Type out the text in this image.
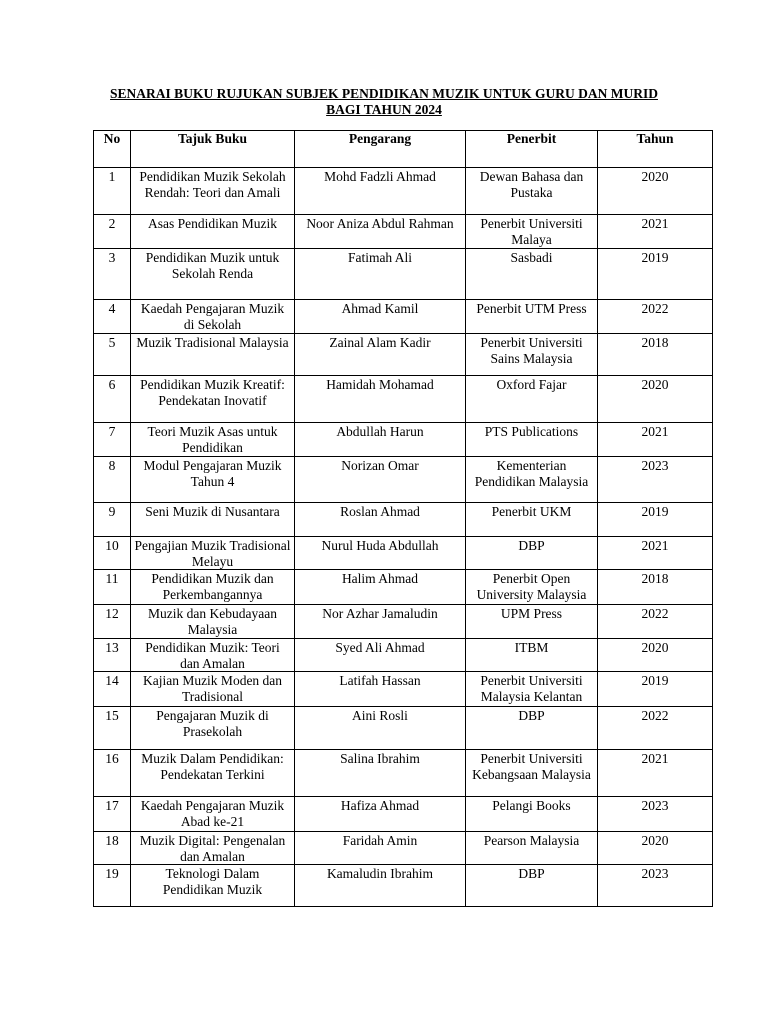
SENARAI BUKU RUJUKAN SUBJEK PENDIDIKAN MUZIK UNTUK GURU DAN MURID
BAGI TAHUN 2024
No	Tajuk Buku	Pengarang	Penerbit	Tahun
1	Pendidikan Muzik Sekolah Rendah: Teori dan Amali	Mohd Fadzli Ahmad	Dewan Bahasa dan Pustaka	2020
2	Asas Pendidikan Muzik	Noor Aniza Abdul Rahman	Penerbit Universiti Malaya	2021
3	Pendidikan Muzik untuk Sekolah Renda	Fatimah Ali	Sasbadi	2019
4	Kaedah Pengajaran Muzik di Sekolah	Ahmad Kamil	Penerbit UTM Press	2022
5	Muzik Tradisional Malaysia	Zainal Alam Kadir	Penerbit Universiti Sains Malaysia	2018
6	Pendidikan Muzik Kreatif: Pendekatan Inovatif	Hamidah Mohamad	Oxford Fajar	2020
7	Teori Muzik Asas untuk Pendidikan	Abdullah Harun	PTS Publications	2021
8	Modul Pengajaran Muzik Tahun 4	Norizan Omar	Kementerian Pendidikan Malaysia	2023
9	Seni Muzik di Nusantara	Roslan Ahmad	Penerbit UKM	2019
10	Pengajian Muzik Tradisional Melayu	Nurul Huda Abdullah	DBP	2021
11	Pendidikan Muzik dan Perkembangannya	Halim Ahmad	Penerbit Open University Malaysia	2018
12	Muzik dan Kebudayaan Malaysia	Nor Azhar Jamaludin	UPM Press	2022
13	Pendidikan Muzik: Teori dan Amalan	Syed Ali Ahmad	ITBM	2020
14	Kajian Muzik Moden dan Tradisional	Latifah Hassan	Penerbit Universiti Malaysia Kelantan	2019
15	Pengajaran Muzik di Prasekolah	Aini Rosli	DBP	2022
16	Muzik Dalam Pendidikan: Pendekatan Terkini	Salina Ibrahim	Penerbit Universiti Kebangsaan Malaysia	2021
17	Kaedah Pengajaran Muzik Abad ke-21	Hafiza Ahmad	Pelangi Books	2023
18	Muzik Digital: Pengenalan dan Amalan	Faridah Amin	Pearson Malaysia	2020
19	Teknologi Dalam Pendidikan Muzik	Kamaludin Ibrahim	DBP	2023
